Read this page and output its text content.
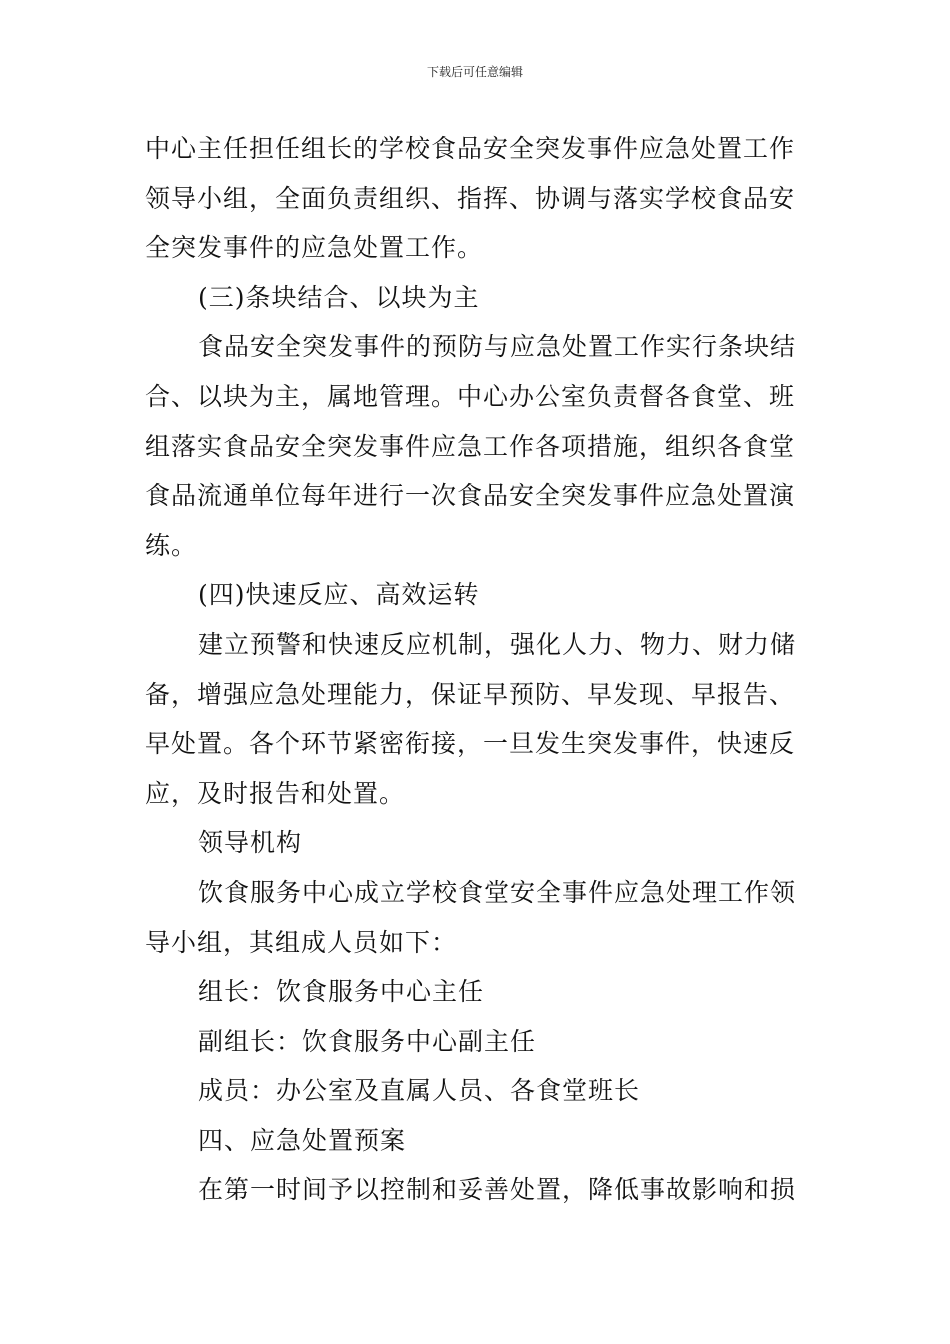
下载后可任意编辑
中心主任担任组长的学校食品安全突发事件应急处置工作
领导小组，全面负责组织、指挥、协调与落实学校食品安
全突发事件的应急处置工作。
(三)条块结合、以块为主
食品安全突发事件的预防与应急处置工作实行条块结
合、以块为主，属地管理。中心办公室负责督各食堂、班
组落实食品安全突发事件应急工作各项措施，组织各食堂
食品流通单位每年进行一次食品安全突发事件应急处置演
练。
(四)快速反应、高效运转
建立预警和快速反应机制，强化人力、物力、财力储
备，增强应急处理能力，保证早预防、早发现、早报告、
早处置。各个环节紧密衔接，一旦发生突发事件，快速反
应，及时报告和处置。
领导机构
饮食服务中心成立学校食堂安全事件应急处理工作领
导小组，其组成人员如下：
组长：饮食服务中心主任
副组长：饮食服务中心副主任
成员：办公室及直属人员、各食堂班长
四、应急处置预案
在第一时间予以控制和妥善处置，降低事故影响和损
